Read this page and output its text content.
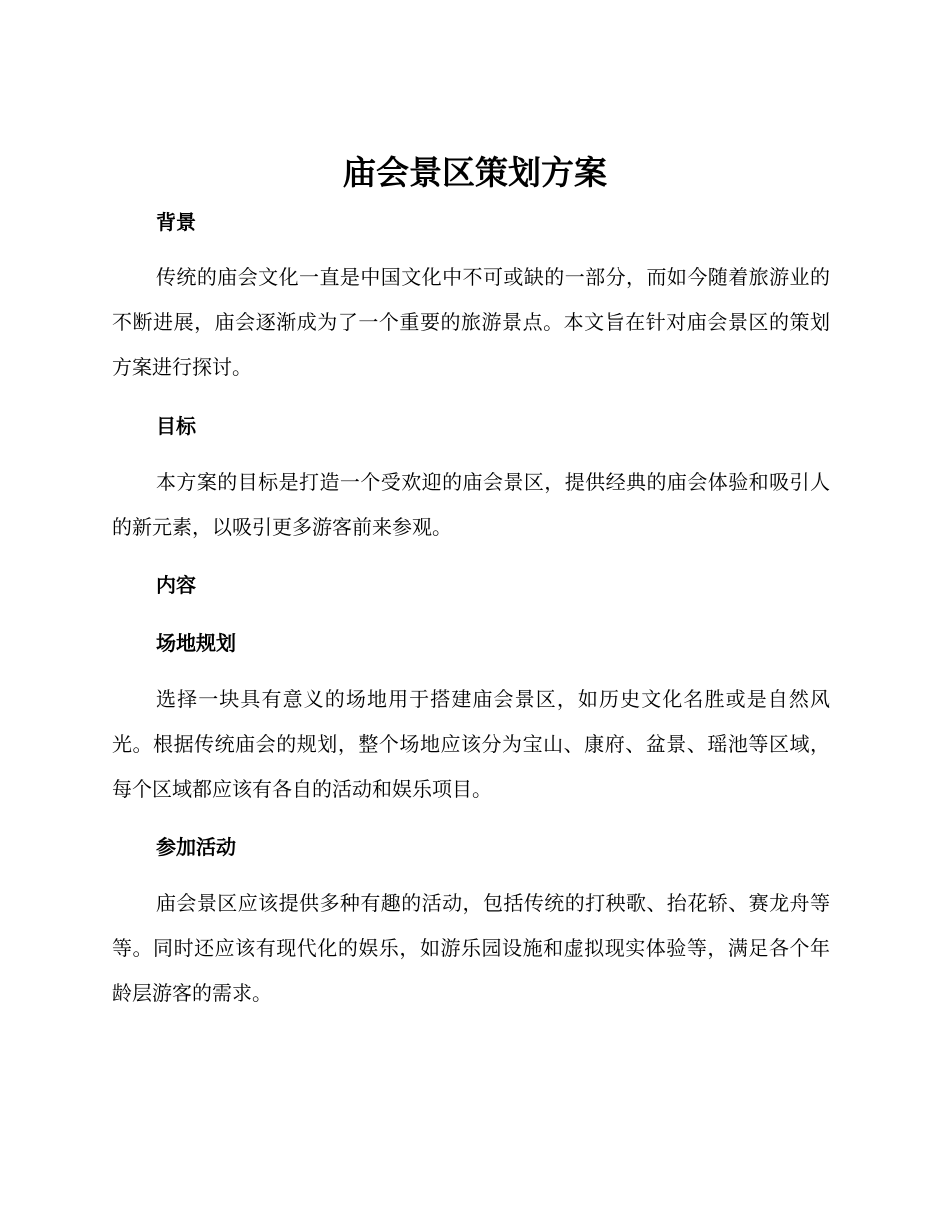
庙会景区策划方案
背景

传统的庙会文化一直是中国文化中不可或缺的一部分，而如今随着旅游业的不断进展，庙会逐渐成为了一个重要的旅游景点。本文旨在针对庙会景区的策划方案进行探讨。

目标

本方案的目标是打造一个受欢迎的庙会景区，提供经典的庙会体验和吸引人的新元素，以吸引更多游客前来参观。

内容
场地规划

选择一块具有意义的场地用于搭建庙会景区，如历史文化名胜或是自然风光。根据传统庙会的规划，整个场地应该分为宝山、康府、盆景、瑶池等区域，每个区域都应该有各自的活动和娱乐项目。

参加活动

庙会景区应该提供多种有趣的活动，包括传统的打秧歌、抬花轿、赛龙舟等等。同时还应该有现代化的娱乐，如游乐园设施和虚拟现实体验等，满足各个年龄层游客的需求。
